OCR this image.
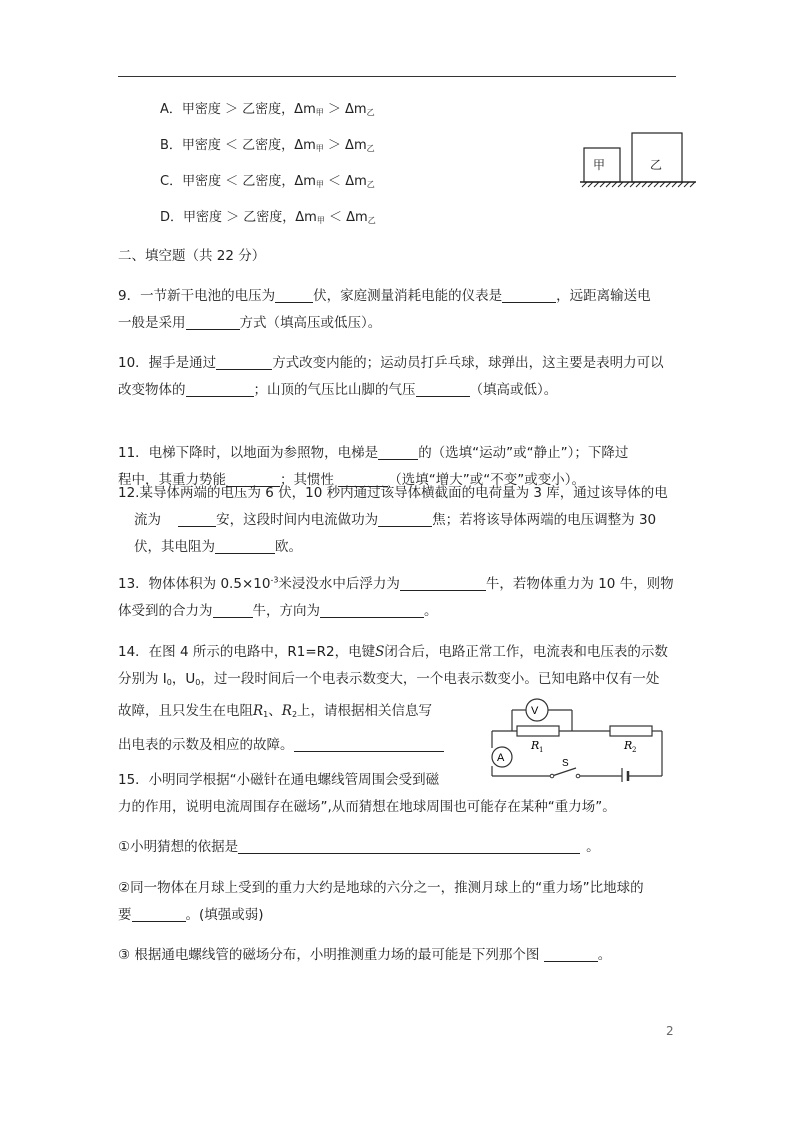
A．甲密度 ＞ 乙密度，$\Delta m_甲 > \Delta m_乙$
B．甲密度 ＜ 乙密度，$\Delta m_甲 > \Delta m_乙$
C．甲密度 ＜ 乙密度，$\Delta m_甲 < \Delta m_乙$
D．甲密度 ＞ 乙密度，$\Delta m_甲 < \Delta m_乙$
甲	乙
二、填空题（共 22 分）
9．一节新干电池的电压为	伏，家庭测量消耗电能的仪表是	，远距离输送电
一般是采用	方式（填高压或低压）。
10．握手是通过	方式改变内能的；运动员打乒乓球，球弹出，这主要是表明力可以
改变物体的	；山顶的气压比山脚的气压	（填高或低）。
11．电梯下降时，以地面为参照物，电梯是	的（选填“运动”或“静止”）；下降过
程中，其重力势能	；其惯性	（选填“增大”或“不变”或变小）。
12.某导体两端的电压为 6 伏，10 秒内通过该导体横截面的电荷量为 3 库，通过该导体的电
流为	安，这段时间内电流做功为	焦；若将该导体两端的电压调整为 30
伏，其电阻为	欧。
13．物体体积为 $0.5\times 10^{-3}$米浸没水中后浮力为	牛，若物体重力为 10 牛，则物
体受到的合力为	牛，方向为	。
14．在图 4 所示的电路中，R1=R2，电键S闭合后，电路正常工作，电流表和电压表的示数
分别为 $I_0$，$U_0$，过一段时间后一个电表示数变大，一个电表示数变小。已知电路中仅有一处
故障，且只发生在电阻$R_1$、$R_2$上，请根据相关信息写
出电表的示数及相应的故障。
V
A
R 1	R 2
S
15．小明同学根据“小磁针在通电螺线管周围会受到磁
力的作用，说明电流周围存在磁场”,从而猜想在地球周围也可能存在某种“重力场”。
①小明猜想的依据是	。
②同一物体在月球上受到的重力大约是地球的六分之一，推测月球上的“重力场”比地球的
要	。(填强或弱)
③ 根据通电螺线管的磁场分布，小明推测重力场的最可能是下列那个图	。
2
